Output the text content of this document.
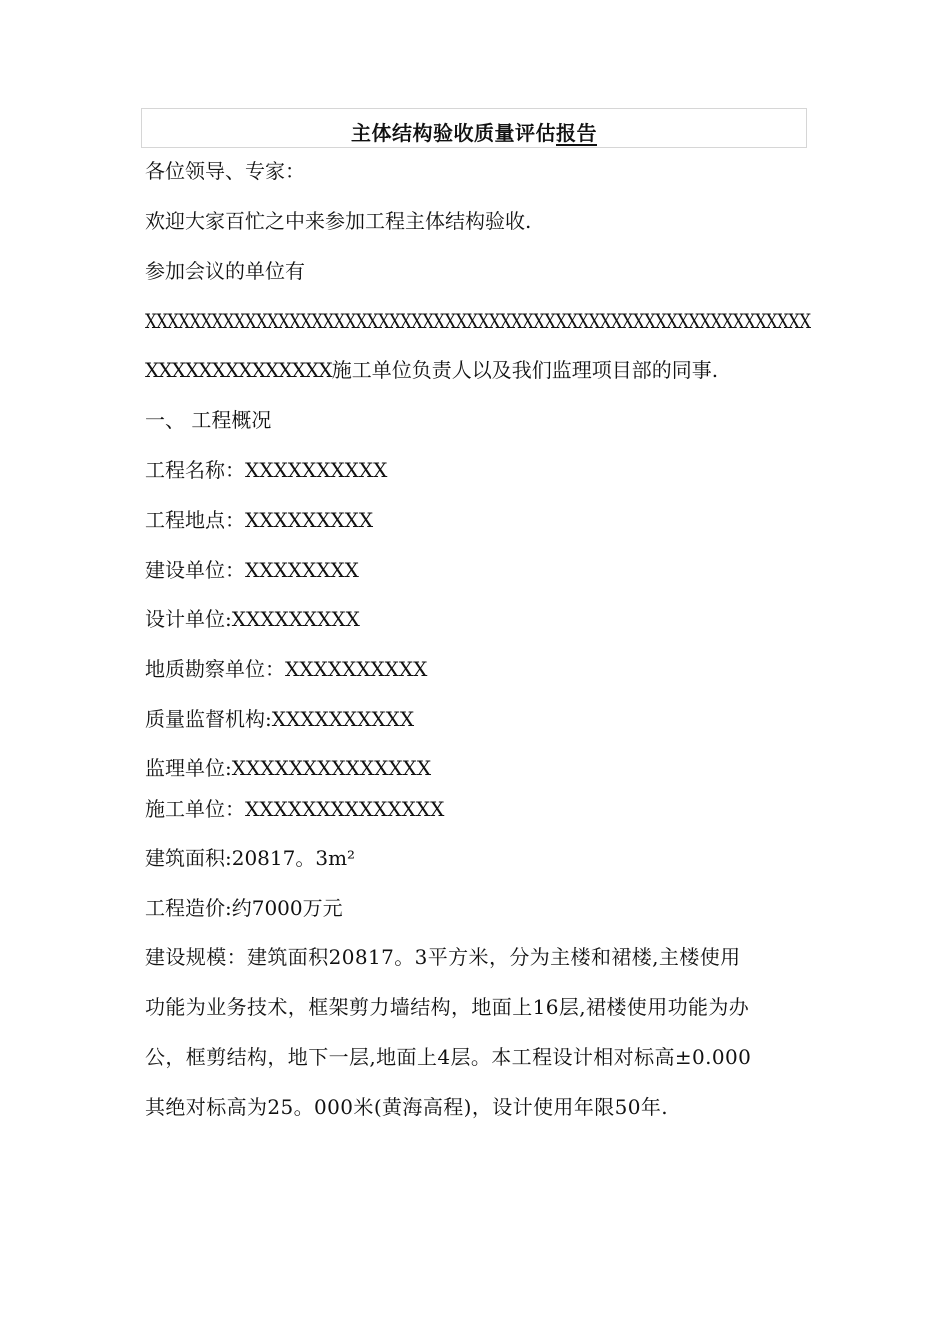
主体结构验收质量评估报告
各位领导、专家：
欢迎大家百忙之中来参加工程主体结构验收.
参加会议的单位有
XXXXXXXXXXXXXXXXXXXXXXXXXXXXXXXXXXXXXXXXXXXXXXXXXXXXXXXXXXXX
XXXXXXXXXXXXXX施工单位负责人以及我们监理项目部的同事.
一、 工程概况
工程名称：XXXXXXXXXX
工程地点：XXXXXXXXX
建设单位：XXXXXXXX
设计单位:XXXXXXXXX
地质勘察单位：XXXXXXXXXX
质量监督机构:XXXXXXXXXX
监理单位:XXXXXXXXXXXXXX
施工单位：XXXXXXXXXXXXXX
建筑面积:20817。3m²
工程造价:约7000万元
建设规模：建筑面积20817。3平方米，分为主楼和裙楼,主楼使用
功能为业务技术，框架剪力墙结构，地面上16层,裙楼使用功能为办
公，框剪结构，地下一层,地面上4层。本工程设计相对标高±0.000
其绝对标高为25。000米(黄海高程)，设计使用年限50年.
